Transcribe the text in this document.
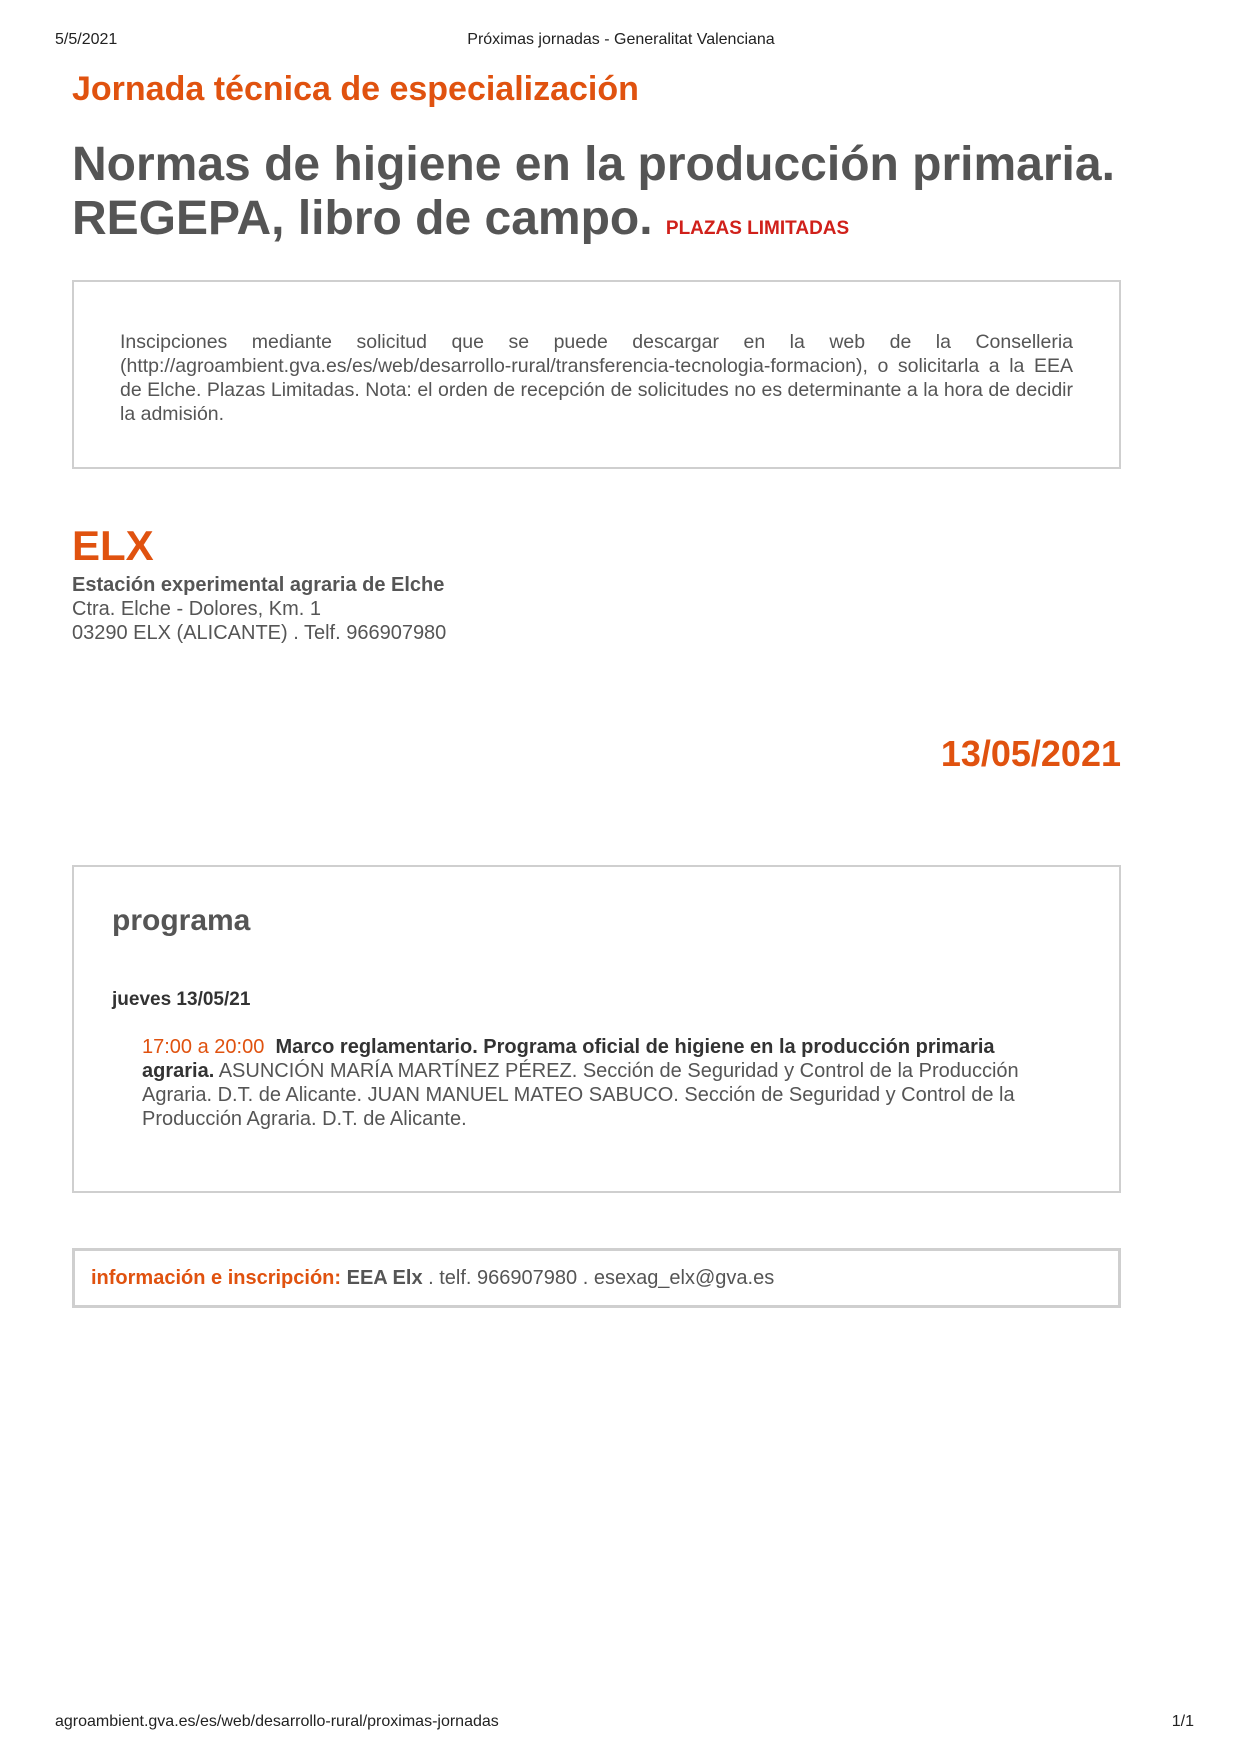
5/5/2021	Próximas jornadas - Generalitat Valenciana
Jornada técnica de especialización
Normas de higiene en la producción primaria.
REGEPA, libro de campo. PLAZAS LIMITADAS

Inscipciones mediante solicitud que se puede descargar en la web de la Conselleria (http://agroambient.gva.es/es/web/desarrollo-rural/transferencia-tecnologia-formacion), o solicitarla a la EEA de Elche. Plazas Limitadas. Nota: el orden de recepción de solicitudes no es determinante a la hora de decidir la admisión.

ELX
Estación experimental agraria de Elche
Ctra. Elche - Dolores, Km. 1
03290 ELX (ALICANTE) . Telf. 966907980
13/05/2021
programa
jueves 13/05/21
17:00 a 20:00 Marco reglamentario. Programa oficial de higiene en la producción primaria agraria. ASUNCIÓN MARÍA MARTÍNEZ PÉREZ. Sección de Seguridad y Control de la Producción Agraria. D.T. de Alicante. JUAN MANUEL MATEO SABUCO. Sección de Seguridad y Control de la Producción Agraria. D.T. de Alicante.
información e inscripción: EEA Elx . telf. 966907980 . esexag_elx@gva.es
agroambient.gva.es/es/web/desarrollo-rural/proximas-jornadas	1/1
